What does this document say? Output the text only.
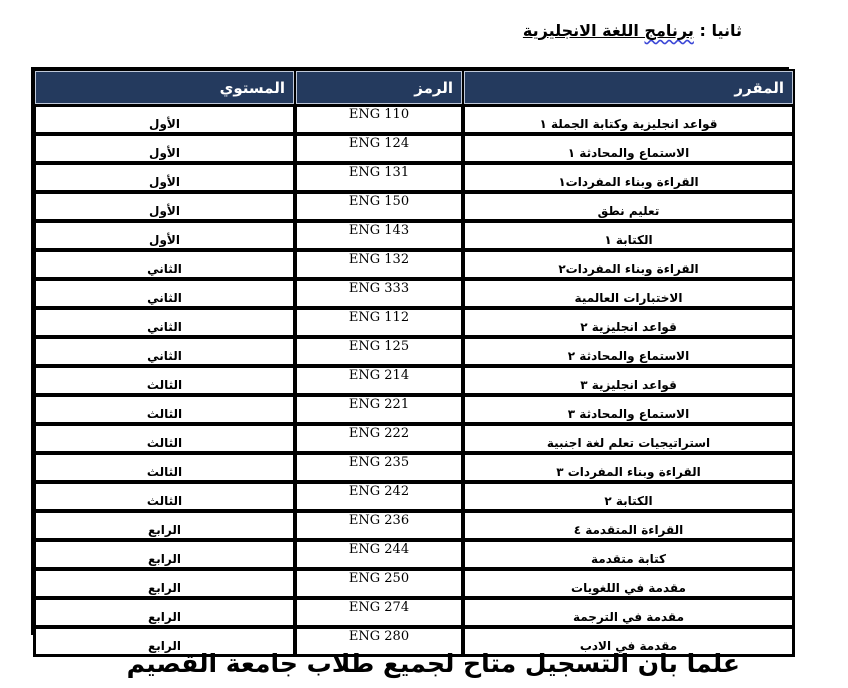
ثانيا : برنامج اللغة الانجليزية
المقرر	الرمز	المستوي
قواعد انجليزية وكتابة الجملة ١	ENG 110	الأول
الاستماع والمحادثة ١	ENG 124	الأول
القراءة وبناء المفردات١	ENG 131	الأول
تعليم نطق	ENG 150	الأول
الكتابة ١	ENG 143	الأول
القراءة وبناء المفردات٢	ENG 132	الثاني
الاختبارات العالمية	ENG 333	الثاني
قواعد انجليزية ٢	ENG 112	الثاني
الاستماع والمحادثة ٢	ENG 125	الثاني
قواعد انجليزية ٣	ENG 214	الثالث
الاستماع والمحادثة ٣	ENG 221	الثالث
استراتيجيات تعلم لغة اجنبية	ENG 222	الثالث
القراءة وبناء المفردات ٣	ENG 235	الثالث
الكتابة ٢	ENG 242	الثالث
القراءة المتقدمة ٤	ENG 236	الرابع
كتابة متقدمة	ENG 244	الرابع
مقدمة في اللغويات	ENG 250	الرابع
مقدمة في الترجمة	ENG 274	الرابع
مقدمة في الادب	ENG 280	الرابع
علما بان التسجيل متاح لجميع طلاب جامعة القصيم
